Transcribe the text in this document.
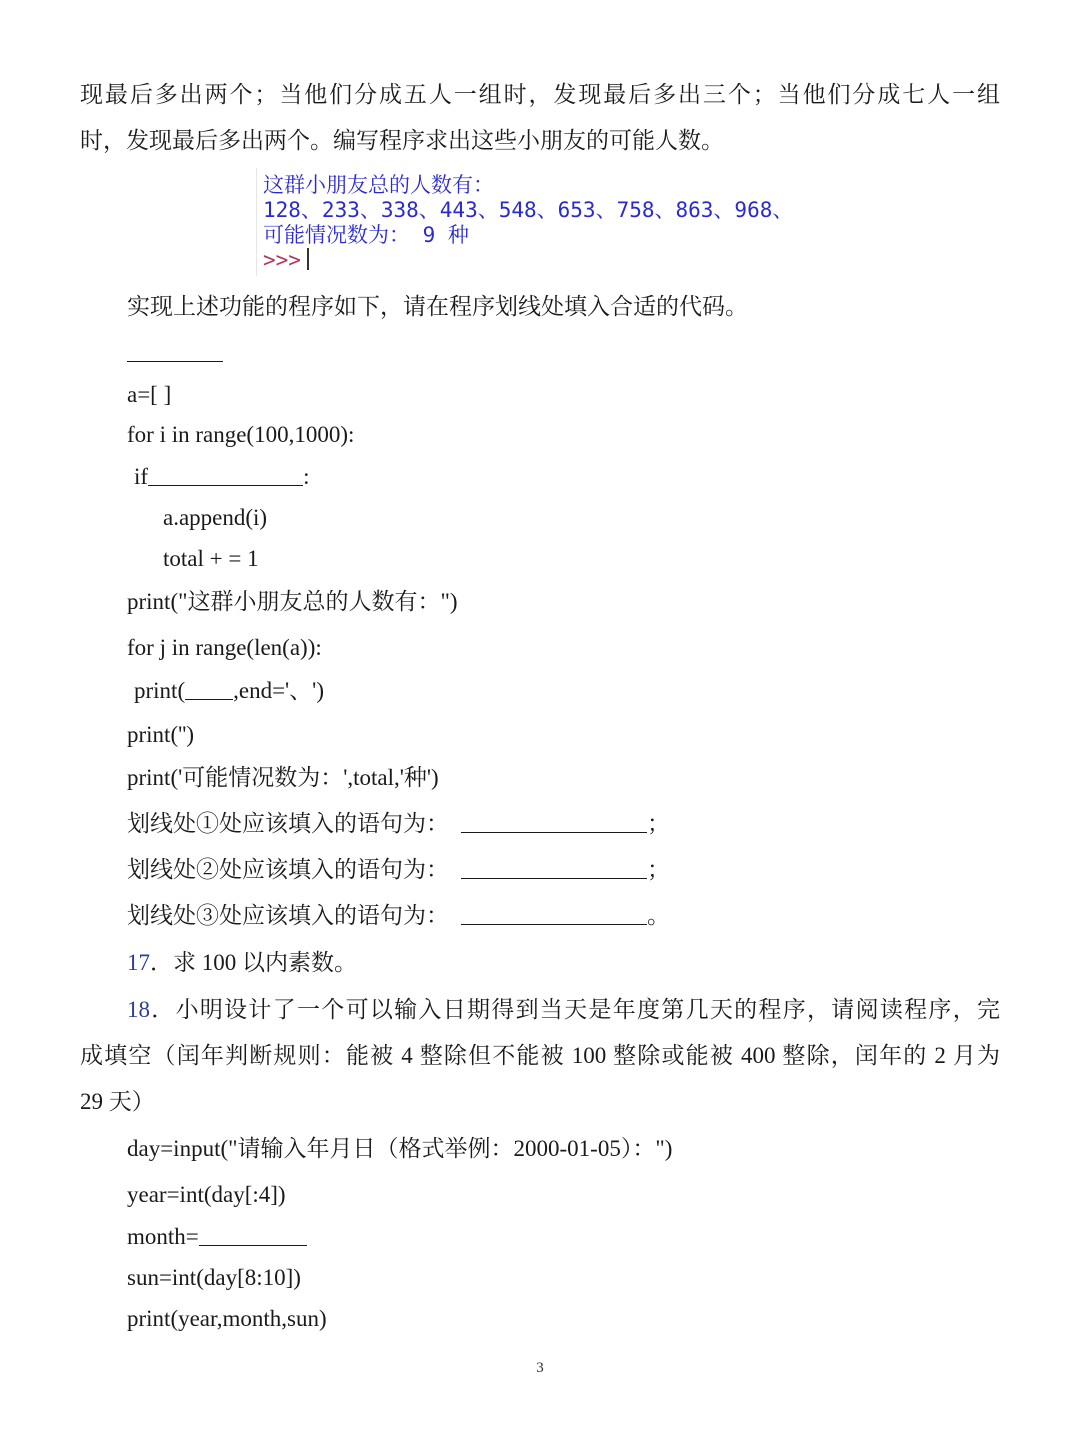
现最后多出两个；当他们分成五人一组时，发现最后多出三个；当他们分成七人一组
时，发现最后多出两个。编写程序求出这些小朋友的可能人数。
这群小朋友总的人数有：
128、233、338、443、548、653、758、863、968、
可能情况数为： 9 种
>>>
实现上述功能的程序如下，请在程序划线处填入合适的代码。
a=[ ]
for i in range(100,1000):
if	:
a.append(i)
total + = 1
print("这群小朋友总的人数有：")
for j in range(len(a)):
print( ,end='、')
print('')
print('可能情况数为：',total,'种')
划线处①处应该填入的语句为：	；
划线处②处应该填入的语句为：	；
划线处③处应该填入的语句为：	。
17．求 100 以内素数。
18．小明设计了一个可以输入日期得到当天是年度第几天的程序，请阅读程序，完
成填空（闰年判断规则：能被 4 整除但不能被 100 整除或能被 400 整除，闰年的 2 月为
29 天）
day=input("请输入年月日（格式举例：2000-01-05）：")
year=int(day[:4])
month=
sun=int(day[8:10])
print(year,month,sun)
3
